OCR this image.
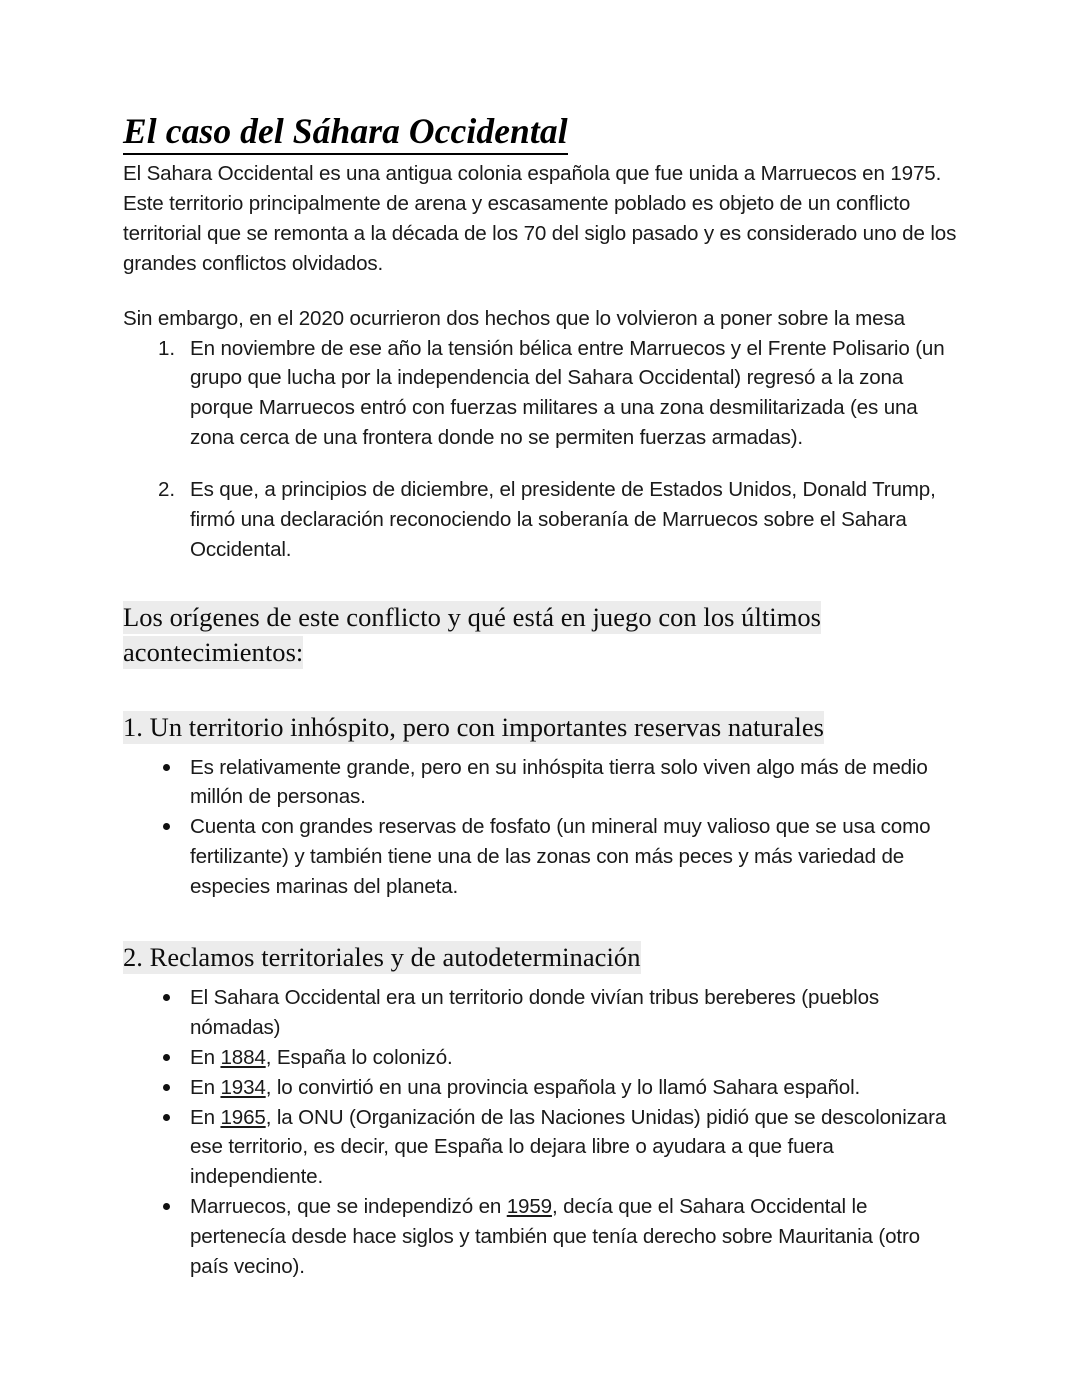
El caso del Sáhara Occidental

El Sahara Occidental es una antigua colonia española que fue unida a Marruecos en 1975. Este territorio principalmente de arena y escasamente poblado es objeto de un conflicto territorial que se remonta a la década de los 70 del siglo pasado y es considerado uno de los grandes conflictos olvidados.

Sin embargo, en el 2020 ocurrieron dos hechos que lo volvieron a poner sobre la mesa

En noviembre de ese año la tensión bélica entre Marruecos y el Frente Polisario (un grupo que lucha por la independencia del Sahara Occidental) regresó a la zona porque Marruecos entró con fuerzas militares a una zona desmilitarizada (es una zona cerca de una frontera donde no se permiten fuerzas armadas).
Es que, a principios de diciembre, el presidente de Estados Unidos, Donald Trump, firmó una declaración reconociendo la soberanía de Marruecos sobre el Sahara Occidental.
Los orígenes de este conflicto y qué está en juego con los últimos acontecimientos:
1. Un territorio inhóspito, pero con importantes reservas naturales
Es relativamente grande, pero en su inhóspita tierra solo viven algo más de medio millón de personas.
Cuenta con grandes reservas de fosfato (un mineral muy valioso que se usa como fertilizante) y también tiene una de las zonas con más peces y más variedad de especies marinas del planeta.
2. Reclamos territoriales y de autodeterminación
El Sahara Occidental era un territorio donde vivían tribus bereberes (pueblos nómadas)
En 1884, España lo colonizó.
En 1934, lo convirtió en una provincia española y lo llamó Sahara español.
En 1965, la ONU (Organización de las Naciones Unidas) pidió que se descolonizara ese territorio, es decir, que España lo dejara libre o ayudara a que fuera independiente.
Marruecos, que se independizó en 1959, decía que el Sahara Occidental le pertenecía desde hace siglos y también que tenía derecho sobre Mauritania (otro país vecino).
